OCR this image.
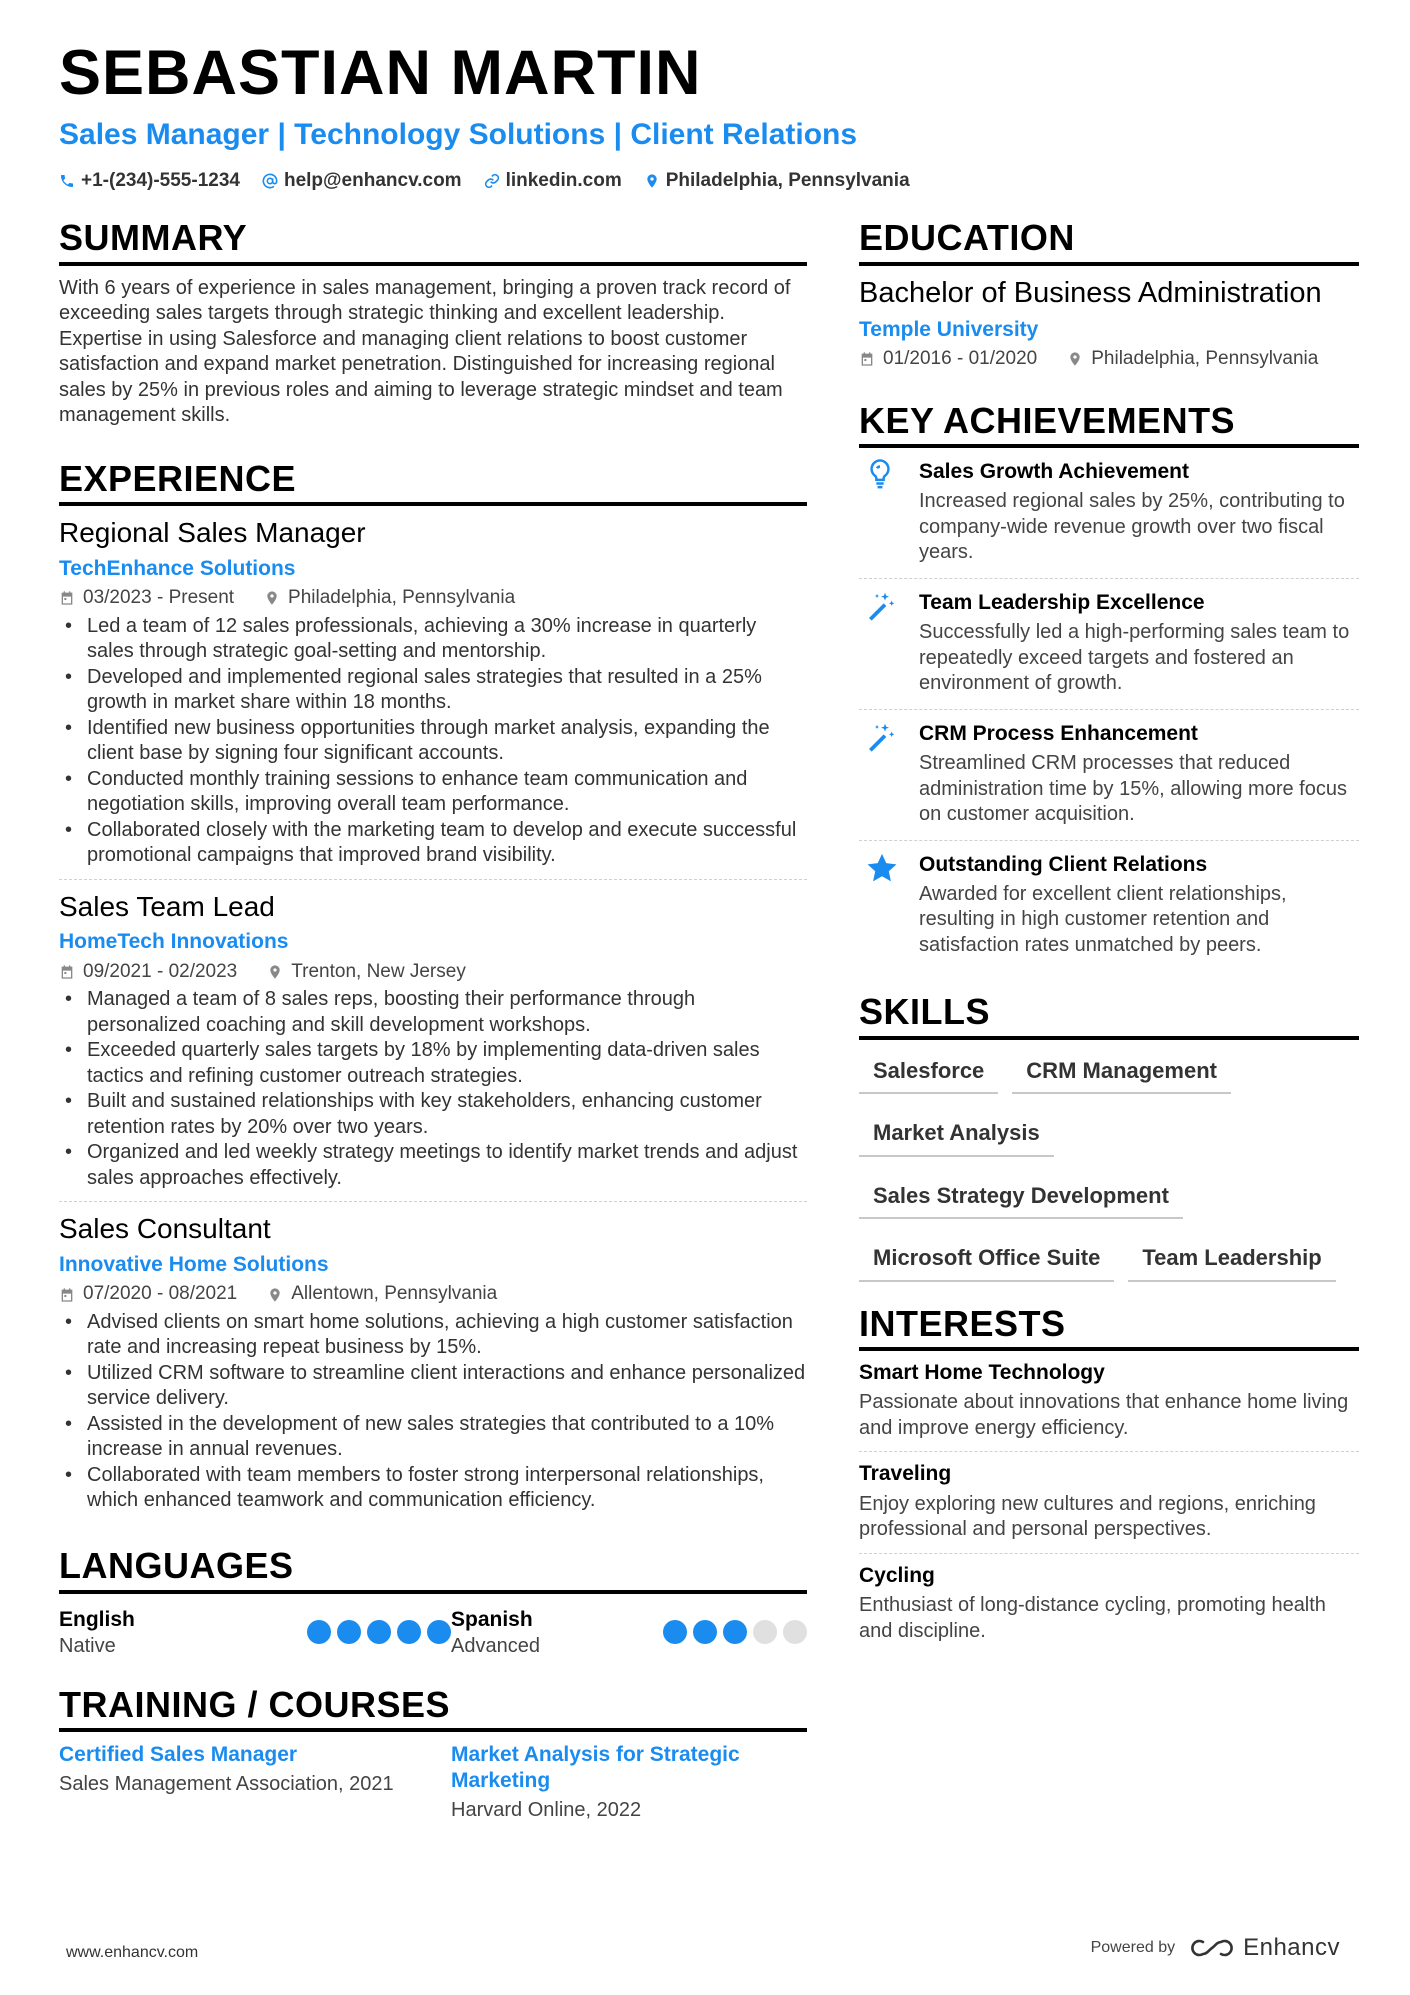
SEBASTIAN MARTIN
Sales Manager | Technology Solutions | Client Relations
+1-(234)-555-1234 help@enhancv.com linkedin.com Philadelphia, Pennsylvania
SUMMARY

With 6 years of experience in sales management, bringing a proven track record of exceeding sales targets through strategic thinking and excellent leadership. Expertise in using Salesforce and managing client relations to boost customer satisfaction and expand market penetration. Distinguished for increasing regional sales by 25% in previous roles and aiming to leverage strategic mindset and team management skills.

EXPERIENCE
Regional Sales Manager
TechEnhance Solutions
03/2023 - Present	Philadelphia, Pennsylvania
• Led a team of 12 sales professionals, achieving a 30% increase in quarterly sales through strategic goal-setting and mentorship.
• Developed and implemented regional sales strategies that resulted in a 25% growth in market share within 18 months.
• Identified new business opportunities through market analysis, expanding the client base by signing four significant accounts.
• Conducted monthly training sessions to enhance team communication and negotiation skills, improving overall team performance.
• Collaborated closely with the marketing team to develop and execute successful promotional campaigns that improved brand visibility.
Sales Team Lead
HomeTech Innovations
09/2021 - 02/2023	Trenton, New Jersey
• Managed a team of 8 sales reps, boosting their performance through personalized coaching and skill development workshops.
• Exceeded quarterly sales targets by 18% by implementing data-driven sales tactics and refining customer outreach strategies.
• Built and sustained relationships with key stakeholders, enhancing customer retention rates by 20% over two years.
• Organized and led weekly strategy meetings to identify market trends and adjust sales approaches effectively.
Sales Consultant
Innovative Home Solutions
07/2020 - 08/2021	Allentown, Pennsylvania
• Advised clients on smart home solutions, achieving a high customer satisfaction rate and increasing repeat business by 15%.
• Utilized CRM software to streamline client interactions and enhance personalized service delivery.
• Assisted in the development of new sales strategies that contributed to a 10% increase in annual revenues.
• Collaborated with team members to foster strong interpersonal relationships, which enhanced teamwork and communication efficiency.
LANGUAGES
English
Native
Spanish
Advanced
TRAINING / COURSES
Certified Sales Manager
Sales Management Association, 2021
Market Analysis for Strategic Marketing
Harvard Online, 2022
EDUCATION
Bachelor of Business Administration
Temple University
01/2016 - 01/2020	Philadelphia, Pennsylvania
KEY ACHIEVEMENTS
Sales Growth Achievement
Increased regional sales by 25%, contributing to company-wide revenue growth over two fiscal years.
Team Leadership Excellence
Successfully led a high-performing sales team to repeatedly exceed targets and fostered an environment of growth.
CRM Process Enhancement
Streamlined CRM processes that reduced administration time by 15%, allowing more focus on customer acquisition.
Outstanding Client Relations
Awarded for excellent client relationships, resulting in high customer retention and satisfaction rates unmatched by peers.
SKILLS
Salesforce	CRM Management
Market Analysis
Sales Strategy Development
Microsoft Office Suite	Team Leadership
INTERESTS
Smart Home Technology
Passionate about innovations that enhance home living and improve energy efficiency.
Traveling
Enjoy exploring new cultures and regions, enriching professional and personal perspectives.
Cycling
Enthusiast of long-distance cycling, promoting health and discipline.
www.enhancv.com	Powered by	Enhancv
